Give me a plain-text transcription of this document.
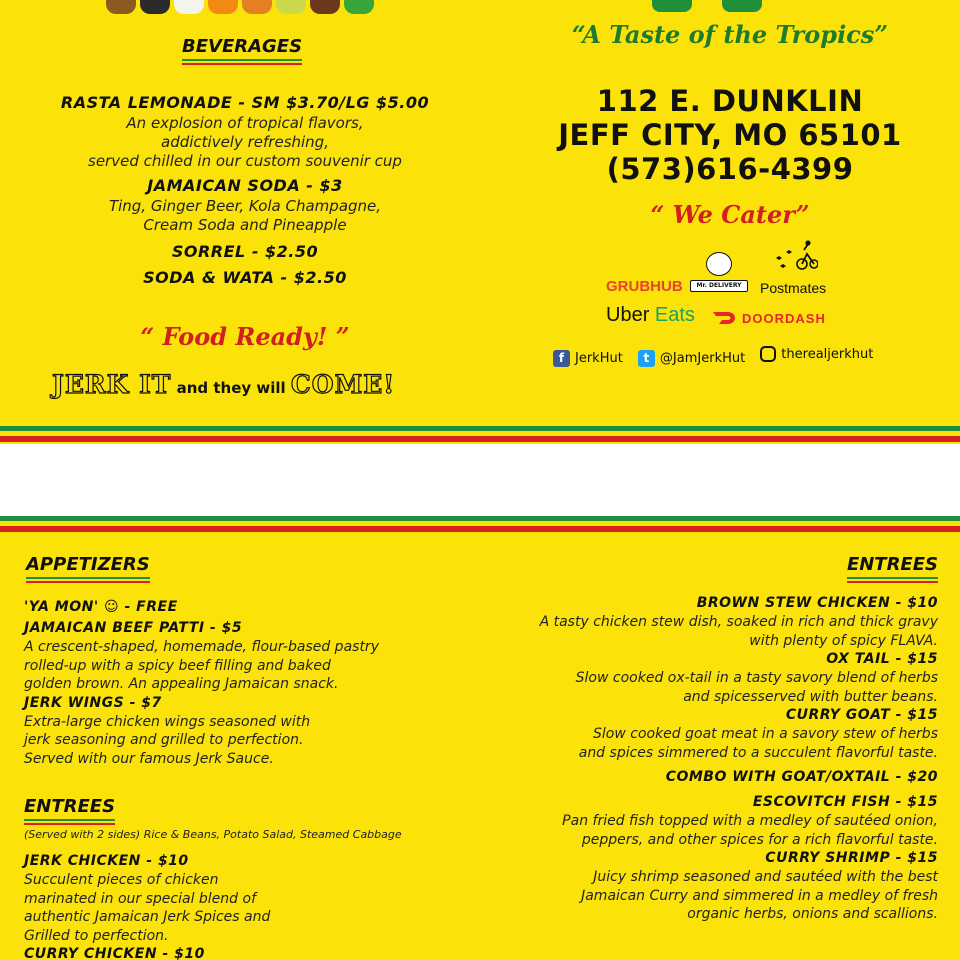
BEVERAGES
RASTA LEMONADE - SM $3.70/LG $5.00
An explosion of tropical flavors,
addictively refreshing,
served chilled in our custom souvenir cup
JAMAICAN SODA - $3
Ting, Ginger Beer, Kola Champagne,
Cream Soda and Pineapple
SORREL - $2.50
SODA & WATA - $2.50
“ Food Ready! ”
JERK IT and they will COME!
“A Taste of the Tropics”
112 E. DUNKLIN
JEFF CITY, MO 65101
(573)616-4399
“ We Cater”
GRUBHUB	Mr. DELIVERY	Postmates
Uber Eats	DOORDASH
f JerkHut
	t @JamJerkHut
	therealjerkhut
APPETIZERS
'YA MON' ☺ - FREE
JAMAICAN BEEF PATTI - $5
A crescent-shaped, homemade, flour-based pastry
rolled-up with a spicy beef filling and baked
golden brown. An appealing Jamaican snack.
JERK WINGS - $7
Extra-large chicken wings seasoned with
jerk seasoning and grilled to perfection.
Served with our famous Jerk Sauce.
ENTREES
(Served with 2 sides) Rice & Beans, Potato Salad, Steamed Cabbage
JERK CHICKEN - $10
Succulent pieces of chicken
marinated in our special blend of
authentic Jamaican Jerk Spices and
Grilled to perfection.
CURRY CHICKEN - $10
ENTREES
BROWN STEW CHICKEN - $10
A tasty chicken stew dish, soaked in rich and thick gravy
with plenty of spicy FLAVA.
OX TAIL - $15
Slow cooked ox-tail in a tasty savory blend of herbs
and spicesserved with butter beans.
CURRY GOAT - $15
Slow cooked goat meat in a savory stew of herbs
and spices simmered to a succulent flavorful taste.
COMBO WITH GOAT/OXTAIL - $20
ESCOVITCH FISH - $15
Pan fried fish topped with a medley of sautéed onion,
peppers, and other spices for a rich flavorful taste.
CURRY SHRIMP - $15
Juicy shrimp seasoned and sautéed with the best
Jamaican Curry and simmered in a medley of fresh
organic herbs, onions and scallions.
